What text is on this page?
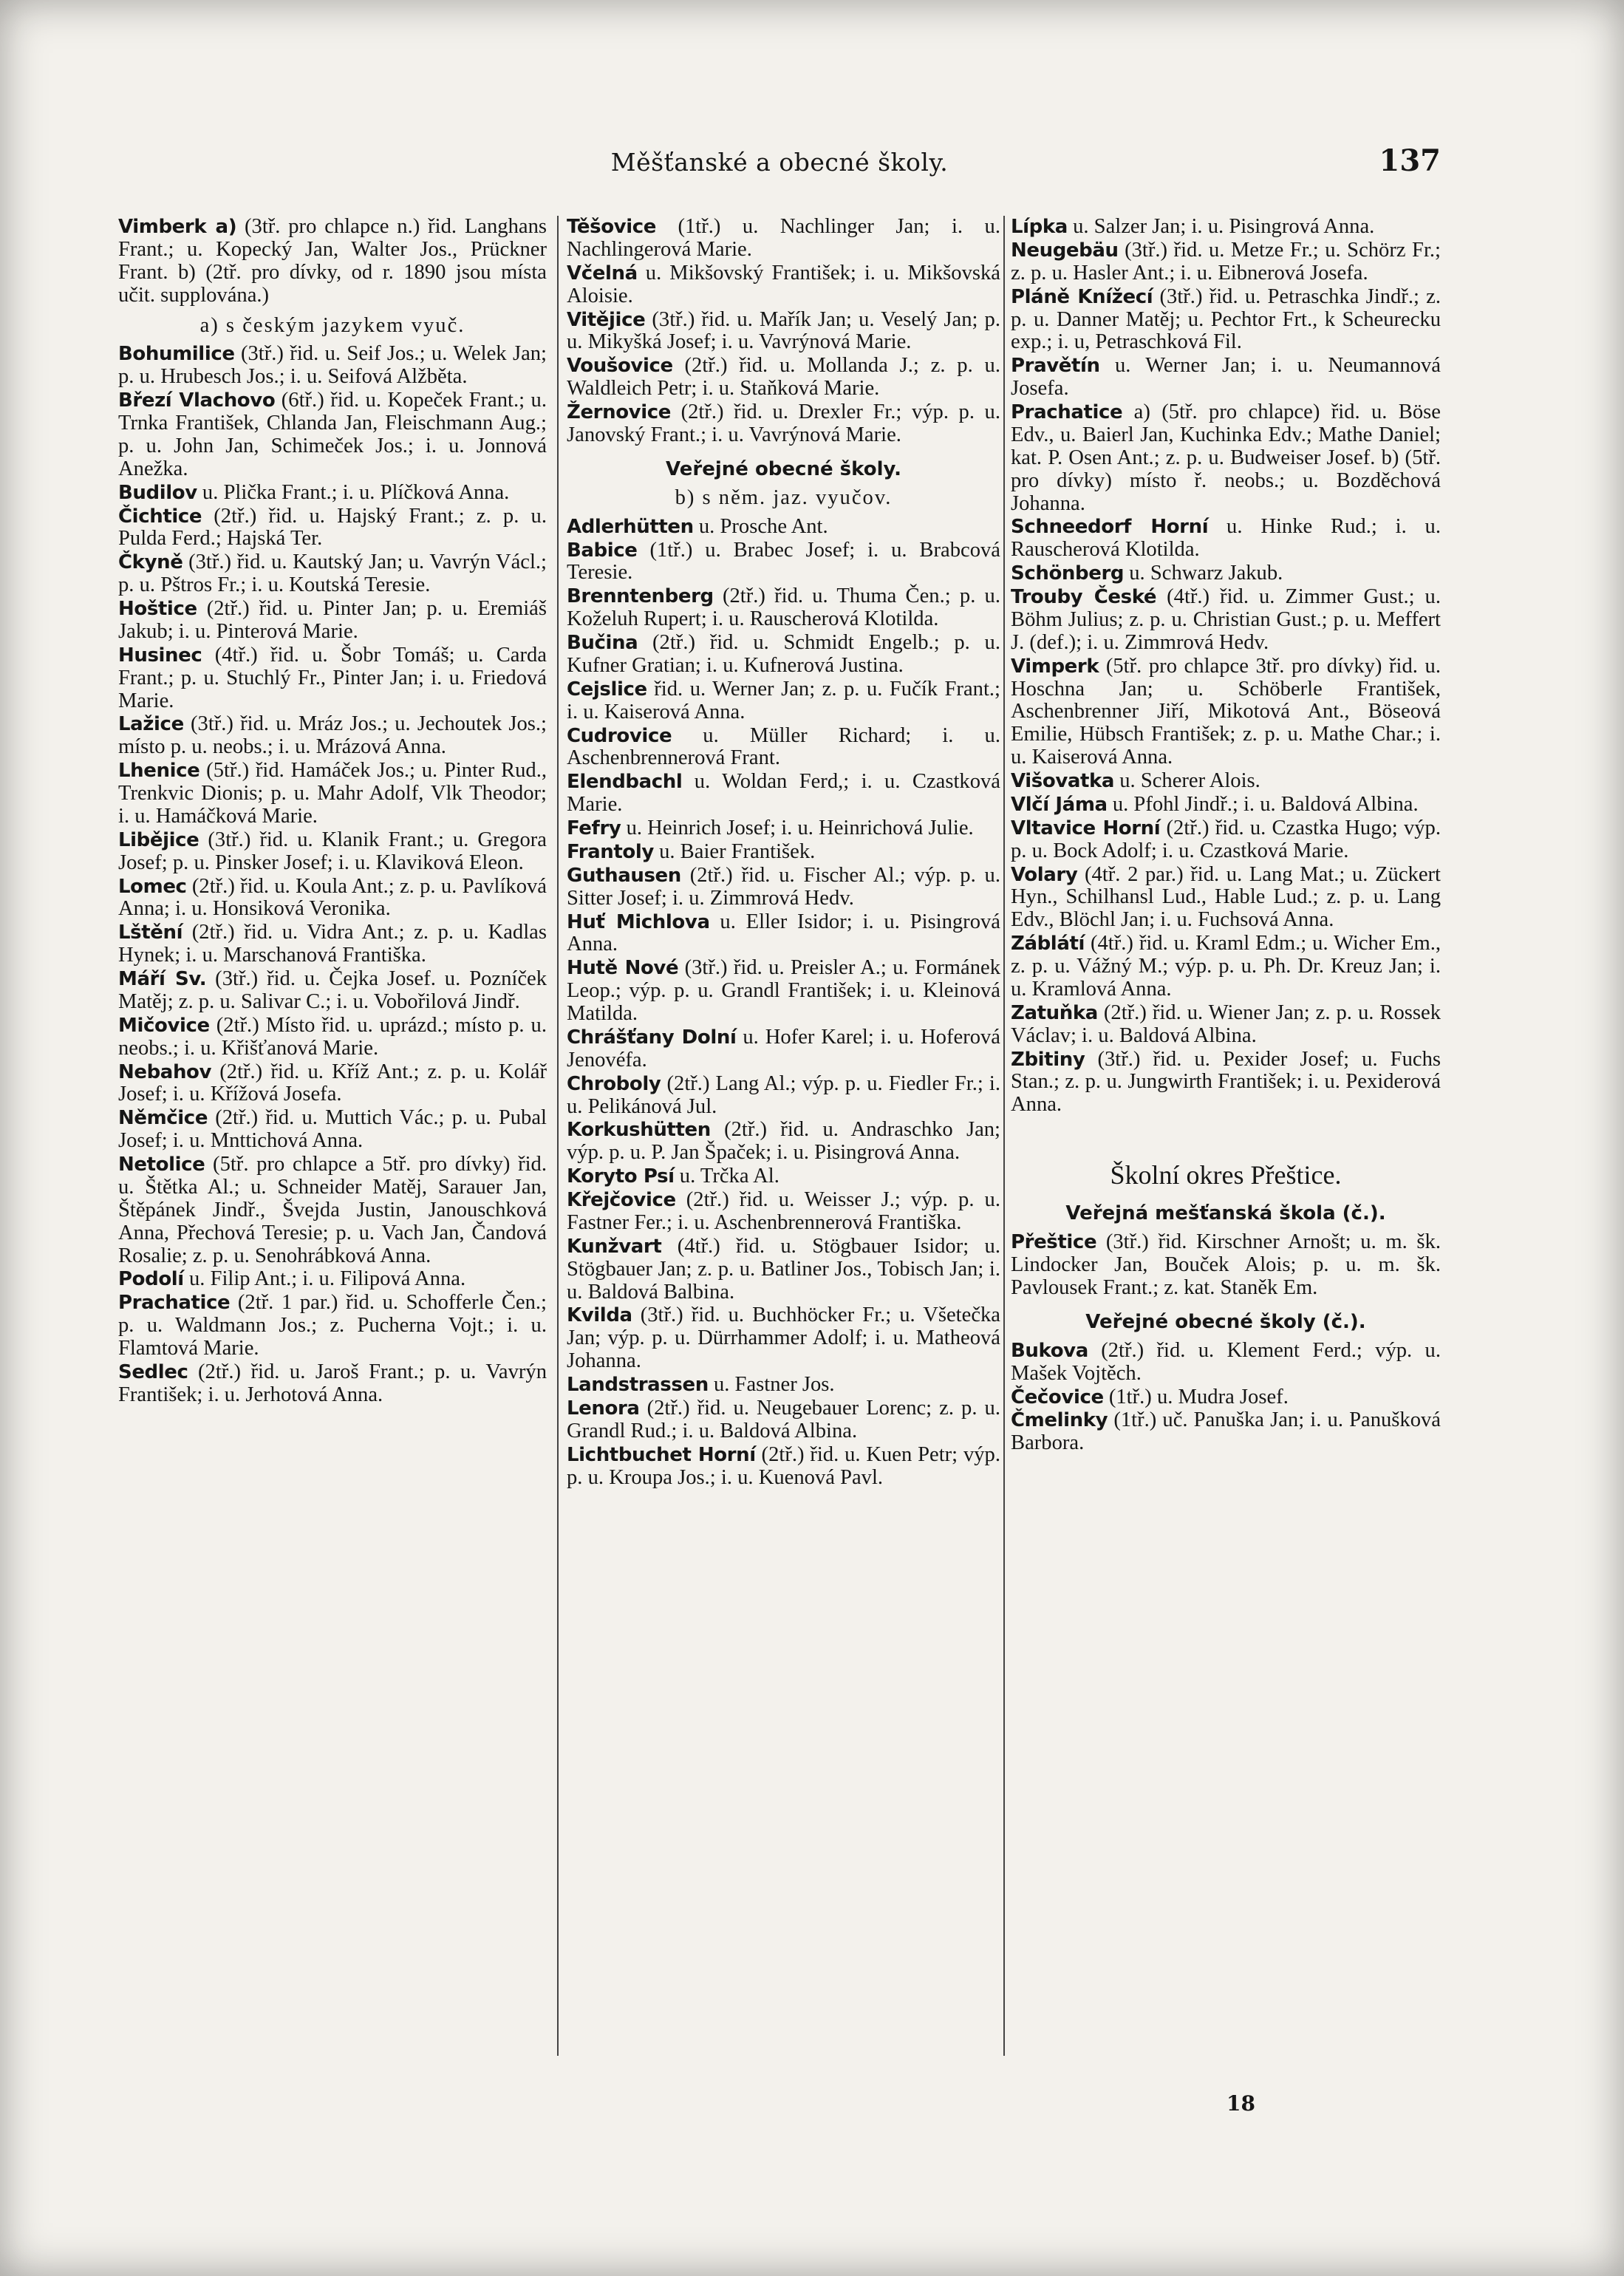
Měšťanské a obecné školy.	137

Vimberk a) (3tř. pro chlapce n.) řid. Langhans Frant.; u. Kopecký Jan, Walter Jos., Prückner Frant. b) (2tř. pro dívky, od r. 1890 jsou místa učit. supplována.)

a) s českým jazykem vyuč.

Bohumilice (3tř.) řid. u. Seif Jos.; u. Welek Jan; p. u. Hrubesch Jos.; i. u. Seifová Alžběta.

Březí Vlachovo (6tř.) řid. u. Kopeček Frant.; u. Trnka František, Chlanda Jan, Fleischmann Aug.; p. u. John Jan, Schimeček Jos.; i. u. Jonnová Anežka.

Budilov u. Plička Frant.; i. u. Plíčková Anna.

Čichtice (2tř.) řid. u. Hajský Frant.; z. p. u. Pulda Ferd.; Hajská Ter.

Čkyně (3tř.) řid. u. Kautský Jan; u. Vavrýn Václ.; p. u. Pštros Fr.; i. u. Koutská Teresie.

Hoštice (2tř.) řid. u. Pinter Jan; p. u. Eremiáš Jakub; i. u. Pinterová Marie.

Husinec (4tř.) řid. u. Šobr Tomáš; u. Carda Frant.; p. u. Stuchlý Fr., Pinter Jan; i. u. Friedová Marie.

Lažice (3tř.) řid. u. Mráz Jos.; u. Jechoutek Jos.; místo p. u. neobs.; i. u. Mrázová Anna.

Lhenice (5tř.) řid. Hamáček Jos.; u. Pinter Rud., Trenkvic Dionis; p. u. Mahr Adolf, Vlk Theodor; i. u. Hamáčková Marie.

Libějice (3tř.) řid. u. Klanik Frant.; u. Gregora Josef; p. u. Pinsker Josef; i. u. Klaviková Eleon.

Lomec (2tř.) řid. u. Koula Ant.; z. p. u. Pavlíková Anna; i. u. Honsiková Veronika.

Lštění (2tř.) řid. u. Vidra Ant.; z. p. u. Kadlas Hynek; i. u. Marschanová Františka.

Máří Sv. (3tř.) řid. u. Čejka Josef. u. Pozníček Matěj; z. p. u. Salivar C.; i. u. Vobořilová Jindř.

Mičovice (2tř.) Místo řid. u. uprázd.; místo p. u. neobs.; i. u. Křišťanová Marie.

Nebahov (2tř.) řid. u. Kříž Ant.; z. p. u. Kolář Josef; i. u. Křížová Josefa.

Němčice (2tř.) řid. u. Muttich Vác.; p. u. Pubal Josef; i. u. Mnttichová Anna.

Netolice (5tř. pro chlapce a 5tř. pro dívky) řid. u. Štětka Al.; u. Schneider Matěj, Sarauer Jan, Štěpánek Jindř., Švejda Justin, Janouschková Anna, Přechová Teresie; p. u. Vach Jan, Čandová Rosalie; z. p. u. Senohrábková Anna.

Podolí u. Filip Ant.; i. u. Filipová Anna.

Prachatice (2tř. 1 par.) řid. u. Schofferle Čen.; p. u. Waldmann Jos.; z. Pucherna Vojt.; i. u. Flamtová Marie.

Sedlec (2tř.) řid. u. Jaroš Frant.; p. u. Vavrýn František; i. u. Jerhotová Anna.

Těšovice (1tř.) u. Nachlinger Jan; i. u. Nachlingerová Marie.

Včelná u. Mikšovský František; i. u. Mikšovská Aloisie.

Vitějice (3tř.) řid. u. Mařík Jan; u. Veselý Jan; p. u. Mikyšká Josef; i. u. Vavrýnová Marie.

Voušovice (2tř.) řid. u. Mollanda J.; z. p. u. Waldleich Petr; i. u. Staňková Marie.

Žernovice (2tř.) řid. u. Drexler Fr.; výp. p. u. Janovský Frant.; i. u. Vavrýnová Marie.

Veřejné obecné školy.
b) s něm. jaz. vyučov.

Adlerhütten u. Prosche Ant.

Babice (1tř.) u. Brabec Josef; i. u. Brabcová Teresie.

Brenntenberg (2tř.) řid. u. Thuma Čen.; p. u. Koželuh Rupert; i. u. Rauscherová Klotilda.

Bučina (2tř.) řid. u. Schmidt Engelb.; p. u. Kufner Gratian; i. u. Kufnerová Justina.

Cejslice řid. u. Werner Jan; z. p. u. Fučík Frant.; i. u. Kaiserová Anna.

Cudrovice u. Müller Richard; i. u. Aschenbrennerová Frant.

Elendbachl u. Woldan Ferd,; i. u. Czastková Marie.

Fefry u. Heinrich Josef; i. u. Heinrichová Julie.

Frantoly u. Baier František.

Guthausen (2tř.) řid. u. Fischer Al.; výp. p. u. Sitter Josef; i. u. Zimmrová Hedv.

Huť Michlova u. Eller Isidor; i. u. Pisingrová Anna.

Hutě Nové (3tř.) řid. u. Preisler A.; u. Formánek Leop.; výp. p. u. Grandl František; i. u. Kleinová Matilda.

Chrášťany Dolní u. Hofer Karel; i. u. Hoferová Jenovéfa.

Chroboly (2tř.) Lang Al.; výp. p. u. Fiedler Fr.; i. u. Pelikánová Jul.

Korkushütten (2tř.) řid. u. Andraschko Jan; výp. p. u. P. Jan Špaček; i. u. Pisingrová Anna.

Koryto Psí u. Trčka Al.

Křejčovice (2tř.) řid. u. Weisser J.; výp. p. u. Fastner Fer.; i. u. Aschenbrennerová Františka.

Kunžvart (4tř.) řid. u. Stögbauer Isidor; u. Stögbauer Jan; z. p. u. Batliner Jos., Tobisch Jan; i. u. Baldová Balbina.

Kvilda (3tř.) řid. u. Buchhöcker Fr.; u. Všetečka Jan; výp. p. u. Dürrhammer Adolf; i. u. Matheová Johanna.

Landstrassen u. Fastner Jos.

Lenora (2tř.) řid. u. Neugebauer Lorenc; z. p. u. Grandl Rud.; i. u. Baldová Albina.

Lichtbuchet Horní (2tř.) řid. u. Kuen Petr; výp. p. u. Kroupa Jos.; i. u. Kuenová Pavl.

Lípka u. Salzer Jan; i. u. Pisingrová Anna.

Neugebäu (3tř.) řid. u. Metze Fr.; u. Schörz Fr.; z. p. u. Hasler Ant.; i. u. Eibnerová Josefa.

Pláně Knížecí (3tř.) řid. u. Petraschka Jindř.; z. p. u. Danner Matěj; u. Pechtor Frt., k Scheurecku exp.; i. u, Petraschková Fil.

Pravětín u. Werner Jan; i. u. Neumannová Josefa.

Prachatice a) (5tř. pro chlapce) řid. u. Böse Edv., u. Baierl Jan, Kuchinka Edv.; Mathe Daniel; kat. P. Osen Ant.; z. p. u. Budweiser Josef. b) (5tř. pro dívky) místo ř. neobs.; u. Bozděchová Johanna.

Schneedorf Horní u. Hinke Rud.; i. u. Rauscherová Klotilda.

Schönberg u. Schwarz Jakub.

Trouby České (4tř.) řid. u. Zimmer Gust.; u. Böhm Julius; z. p. u. Christian Gust.; p. u. Meffert J. (def.); i. u. Zimmrová Hedv.

Vimperk (5tř. pro chlapce 3tř. pro dívky) řid. u. Hoschna Jan; u. Schöberle František, Aschenbrenner Jiří, Mikotová Ant., Böseová Emilie, Hübsch František; z. p. u. Mathe Char.; i. u. Kaiserová Anna.

Višovatka u. Scherer Alois.

Vlčí Jáma u. Pfohl Jindř.; i. u. Baldová Albina.

Vltavice Horní (2tř.) řid. u. Czastka Hugo; výp. p. u. Bock Adolf; i. u. Czastková Marie.

Volary (4tř. 2 par.) řid. u. Lang Mat.; u. Zückert Hyn., Schilhansl Lud., Hable Lud.; z. p. u. Lang Edv., Blöchl Jan; i. u. Fuchsová Anna.

Záblátí (4tř.) řid. u. Kraml Edm.; u. Wicher Em., z. p. u. Vážný M.; výp. p. u. Ph. Dr. Kreuz Jan; i. u. Kramlová Anna.

Zatuňka (2tř.) řid. u. Wiener Jan; z. p. u. Rossek Václav; i. u. Baldová Albina.

Zbitiny (3tř.) řid. u. Pexider Josef; u. Fuchs Stan.; z. p. u. Jungwirth František; i. u. Pexiderová Anna.

Školní okres Přeštice.
Veřejná mešťanská škola (č.).

Přeštice (3tř.) řid. Kirschner Arnošt; u. m. šk. Lindocker Jan, Bouček Alois; p. u. m. šk. Pavlousek Frant.; z. kat. Staněk Em.

Veřejné obecné školy (č.).

Bukova (2tř.) řid. u. Klement Ferd.; výp. u. Mašek Vojtěch.

Čečovice (1tř.) u. Mudra Josef.

Čmelinky (1tř.) uč. Panuška Jan; i. u. Panušková Barbora.

18
